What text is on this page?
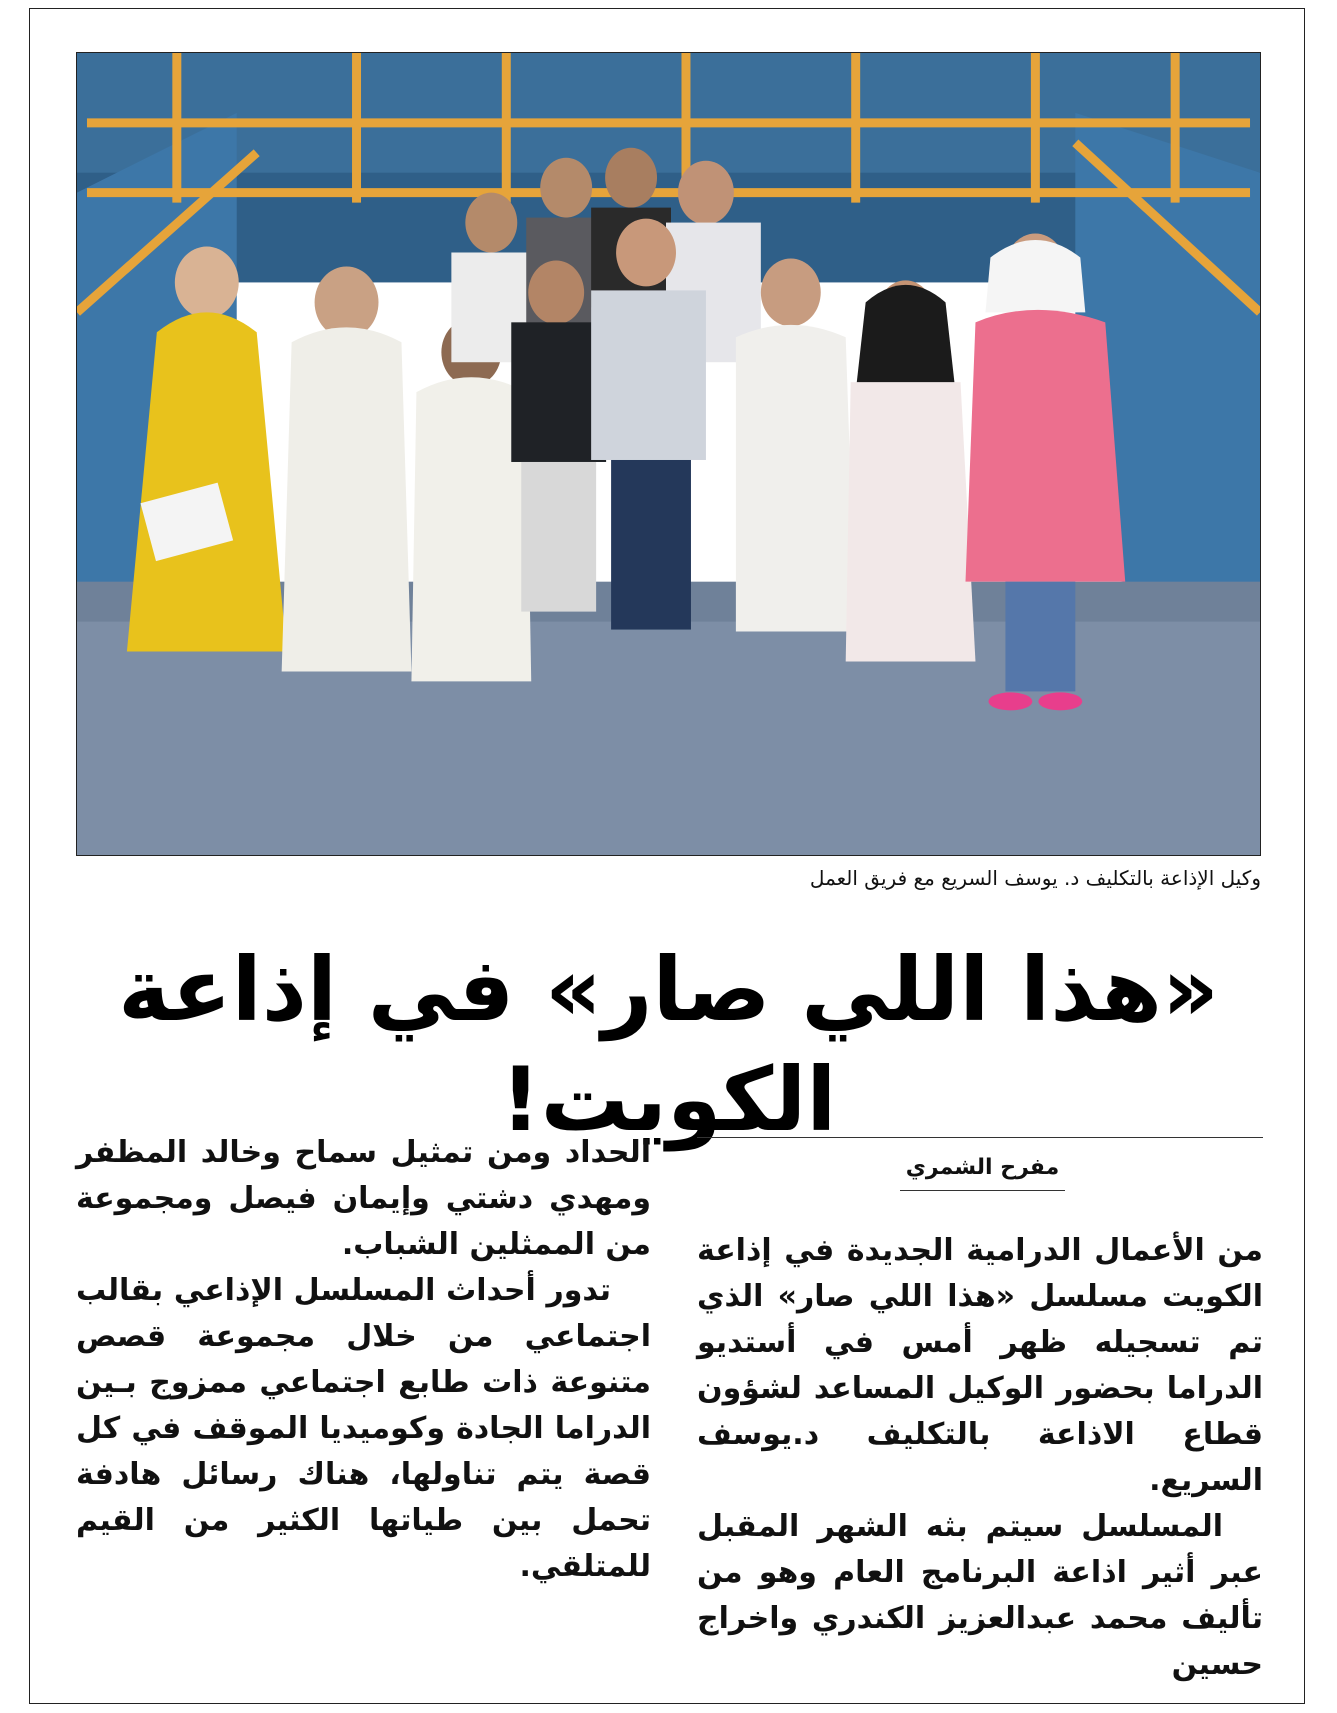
وكيل الإذاعة بالتكليف د. يوسف السريع مع فريق العمل
«هذا اللي صار» في إذاعة الكويت!
مفرح الشمري

من الأعمال الدرامية الجديدة في إذاعة الكويت مسلسل «هذا اللي صار» الذي تم تسجيله ظهر أمس في أستديو الدراما بحضور الوكيل المساعد لشؤون قطاع الاذاعة بالتكليف د.يوسف السريع.

المسلسل سيتم بثه الشهر المقبل عبر أثير اذاعة البرنامج العام وهو من تأليف محمد عبدالعزيز الكندري واخراج حسين

الحداد ومن تمثيل سماح وخالد المظفر ومهدي دشتي وإيمان فيصل ومجموعة من الممثلين الشباب.

تدور أحداث المسلسل الإذاعي بقالب اجتماعي من خلال مجموعة قصص متنوعة ذات طابع اجتماعي ممزوج بـين الدراما الجادة وكوميديا الموقف في كل قصة يتم تناولها، هناك رسائل هادفة تحمل بين طياتها الكثير من القيم للمتلقي.
